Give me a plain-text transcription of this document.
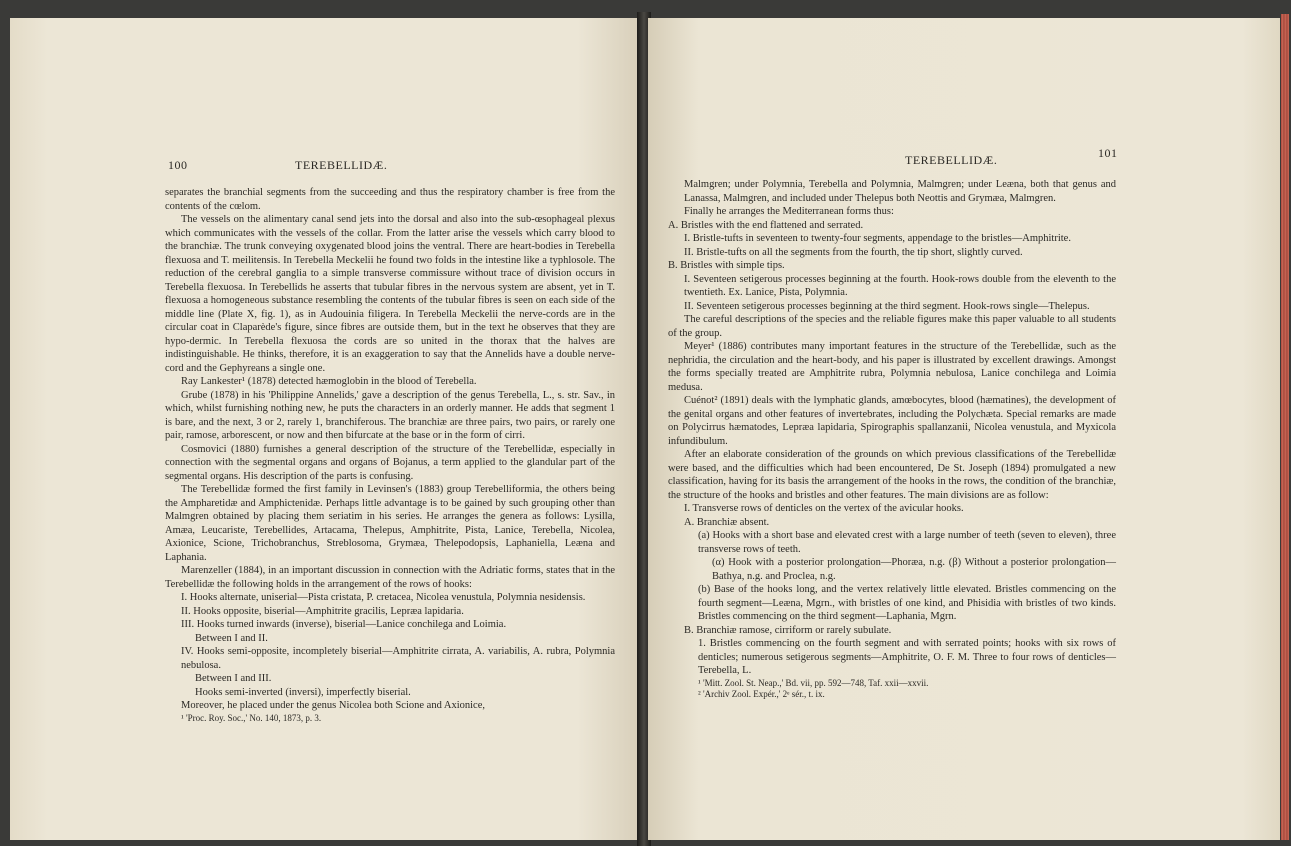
100	TEREBELLIDÆ.

separates the branchial segments from the succeeding and thus the respiratory chamber is free from the contents of the cœlom.

The vessels on the alimentary canal send jets into the dorsal and also into the sub-œsophageal plexus which communicates with the vessels of the collar. From the latter arise the vessels which carry blood to the branchiæ. The trunk conveying oxygenated blood joins the ventral. There are heart-bodies in Terebella flexuosa and T. meilitensis. In Terebella Meckelii he found two folds in the intestine like a typhlosole. The reduction of the cerebral ganglia to a simple transverse commissure without trace of division occurs in Terebella flexuosa. In Terebellids he asserts that tubular fibres in the nervous system are absent, yet in T. flexuosa a homogeneous substance resembling the contents of the tubular fibres is seen on each side of the middle line (Plate X, fig. 1), as in Audouinia filigera. In Terebella Meckelii the nerve-cords are in the circular coat in Claparède's figure, since fibres are outside them, but in the text he observes that they are hypo-dermic. In Terebella flexuosa the cords are so united in the thorax that the halves are indistinguishable. He thinks, therefore, it is an exaggeration to say that the Annelids have a double nerve-cord and the Gephyreans a single one.

Ray Lankester¹ (1878) detected hæmoglobin in the blood of Terebella.

Grube (1878) in his 'Philippine Annelids,' gave a description of the genus Terebella, L., s. str. Sav., in which, whilst furnishing nothing new, he puts the characters in an orderly manner. He adds that segment 1 is bare, and the next, 3 or 2, rarely 1, branchiferous. The branchiæ are three pairs, two pairs, or rarely one pair, ramose, arborescent, or now and then bifurcate at the base or in the form of cirri.

Cosmovici (1880) furnishes a general description of the structure of the Terebellidæ, especially in connection with the segmental organs and organs of Bojanus, a term applied to the glandular part of the segmental organs. His description of the parts is confusing.

The Terebellidæ formed the first family in Levinsen's (1883) group Terebelliformia, the others being the Ampharetidæ and Amphictenidæ. Perhaps little advantage is to be gained by such grouping other than Malmgren obtained by placing them seriatim in his series. He arranges the genera as follows: Lysilla, Amæa, Leucariste, Terebellides, Artacama, Thelepus, Amphitrite, Pista, Lanice, Terebella, Nicolea, Axionice, Scione, Trichobranchus, Streblosoma, Grymæa, Thelepodopsis, Laphaniella, Leæna and Laphania.

Marenzeller (1884), in an important discussion in connection with the Adriatic forms, states that in the Terebellidæ the following holds in the arrangement of the rows of hooks:

I. Hooks alternate, uniserial—Pista cristata, P. cretacea, Nicolea venustula, Polymnia nesidensis.

II. Hooks opposite, biserial—Amphitrite gracilis, Lepræa lapidaria.

III. Hooks turned inwards (inverse), biserial—Lanice conchilega and Loimia.

Between I and II.

IV. Hooks semi-opposite, incompletely biserial—Amphitrite cirrata, A. variabilis, A. rubra, Polymnia nebulosa.

Between I and III.

Hooks semi-inverted (inversi), imperfectly biserial.

Moreover, he placed under the genus Nicolea both Scione and Axionice,

¹ 'Proc. Roy. Soc.,' No. 140, 1873, p. 3.

TEREBELLIDÆ.	101

Malmgren; under Polymnia, Terebella and Polymnia, Malmgren; under Leæna, both that genus and Lanassa, Malmgren, and included under Thelepus both Neottis and Grymæa, Malmgren.

Finally he arranges the Mediterranean forms thus:

A. Bristles with the end flattened and serrated.

I. Bristle-tufts in seventeen to twenty-four segments, appendage to the bristles—Amphitrite.

II. Bristle-tufts on all the segments from the fourth, the tip short, slightly curved.

B. Bristles with simple tips.

I. Seventeen setigerous processes beginning at the fourth. Hook-rows double from the eleventh to the twentieth. Ex. Lanice, Pista, Polymnia.

II. Seventeen setigerous processes beginning at the third segment. Hook-rows single—Thelepus.

The careful descriptions of the species and the reliable figures make this paper valuable to all students of the group.

Meyer¹ (1886) contributes many important features in the structure of the Terebellidæ, such as the nephridia, the circulation and the heart-body, and his paper is illustrated by excellent drawings. Amongst the forms specially treated are Amphitrite rubra, Polymnia nebulosa, Lanice conchilega and Loimia medusa.

Cuénot² (1891) deals with the lymphatic glands, amœbocytes, blood (hæmatines), the development of the genital organs and other features of invertebrates, including the Polychæta. Special remarks are made on Polycirrus hæmatodes, Lepræa lapidaria, Spirographis spallanzanii, Nicolea venustula, and Myxicola infundibulum.

After an elaborate consideration of the grounds on which previous classifications of the Terebellidæ were based, and the difficulties which had been encountered, De St. Joseph (1894) promulgated a new classification, having for its basis the arrangement of the hooks in the rows, the condition of the branchiæ, the structure of the hooks and bristles and other features. The main divisions are as follow:

I. Transverse rows of denticles on the vertex of the avicular hooks.

A. Branchiæ absent.

(a) Hooks with a short base and elevated crest with a large number of teeth (seven to eleven), three transverse rows of teeth.

(α) Hook with a posterior prolongation—Phoræa, n.g. (β) Without a posterior prolongation—Bathya, n.g. and Proclea, n.g.

(b) Base of the hooks long, and the vertex relatively little elevated. Bristles commencing on the fourth segment—Leæna, Mgrn., with bristles of one kind, and Phisidia with bristles of two kinds. Bristles commencing on the third segment—Laphania, Mgrn.

B. Branchiæ ramose, cirriform or rarely subulate.

1. Bristles commencing on the fourth segment and with serrated points; hooks with six rows of denticles; numerous setigerous segments—Amphitrite, O. F. M. Three to four rows of denticles—Terebella, L.

¹ 'Mitt. Zool. St. Neap.,' Bd. vii, pp. 592—748, Taf. xxii—xxvii.

² 'Archiv Zool. Expér.,' 2ᵉ sér., t. ix.
